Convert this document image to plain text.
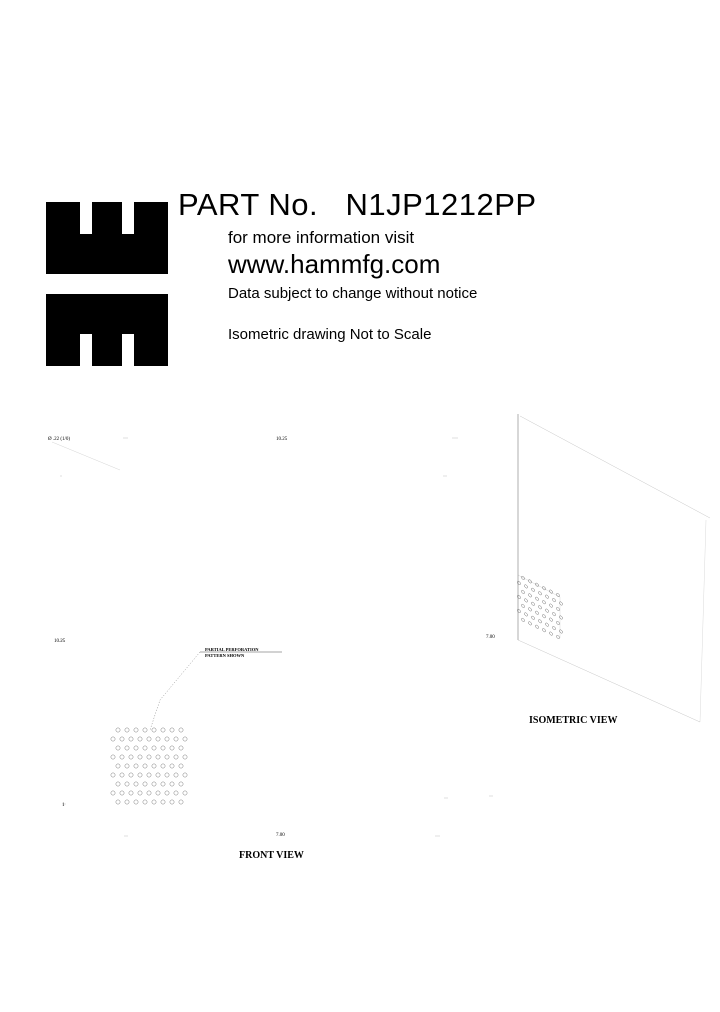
PART No. N1JP1212PP
for more information visit
www.hammfg.com
Data subject to change without notice
Isometric drawing Not to Scale
Ø .22 (1/0)	10.25
10.25
1
7.00
7.00
PARTIAL PERFORATION
PATTERN SHOWN
FRONT VIEW
ISOMETRIC VIEW
